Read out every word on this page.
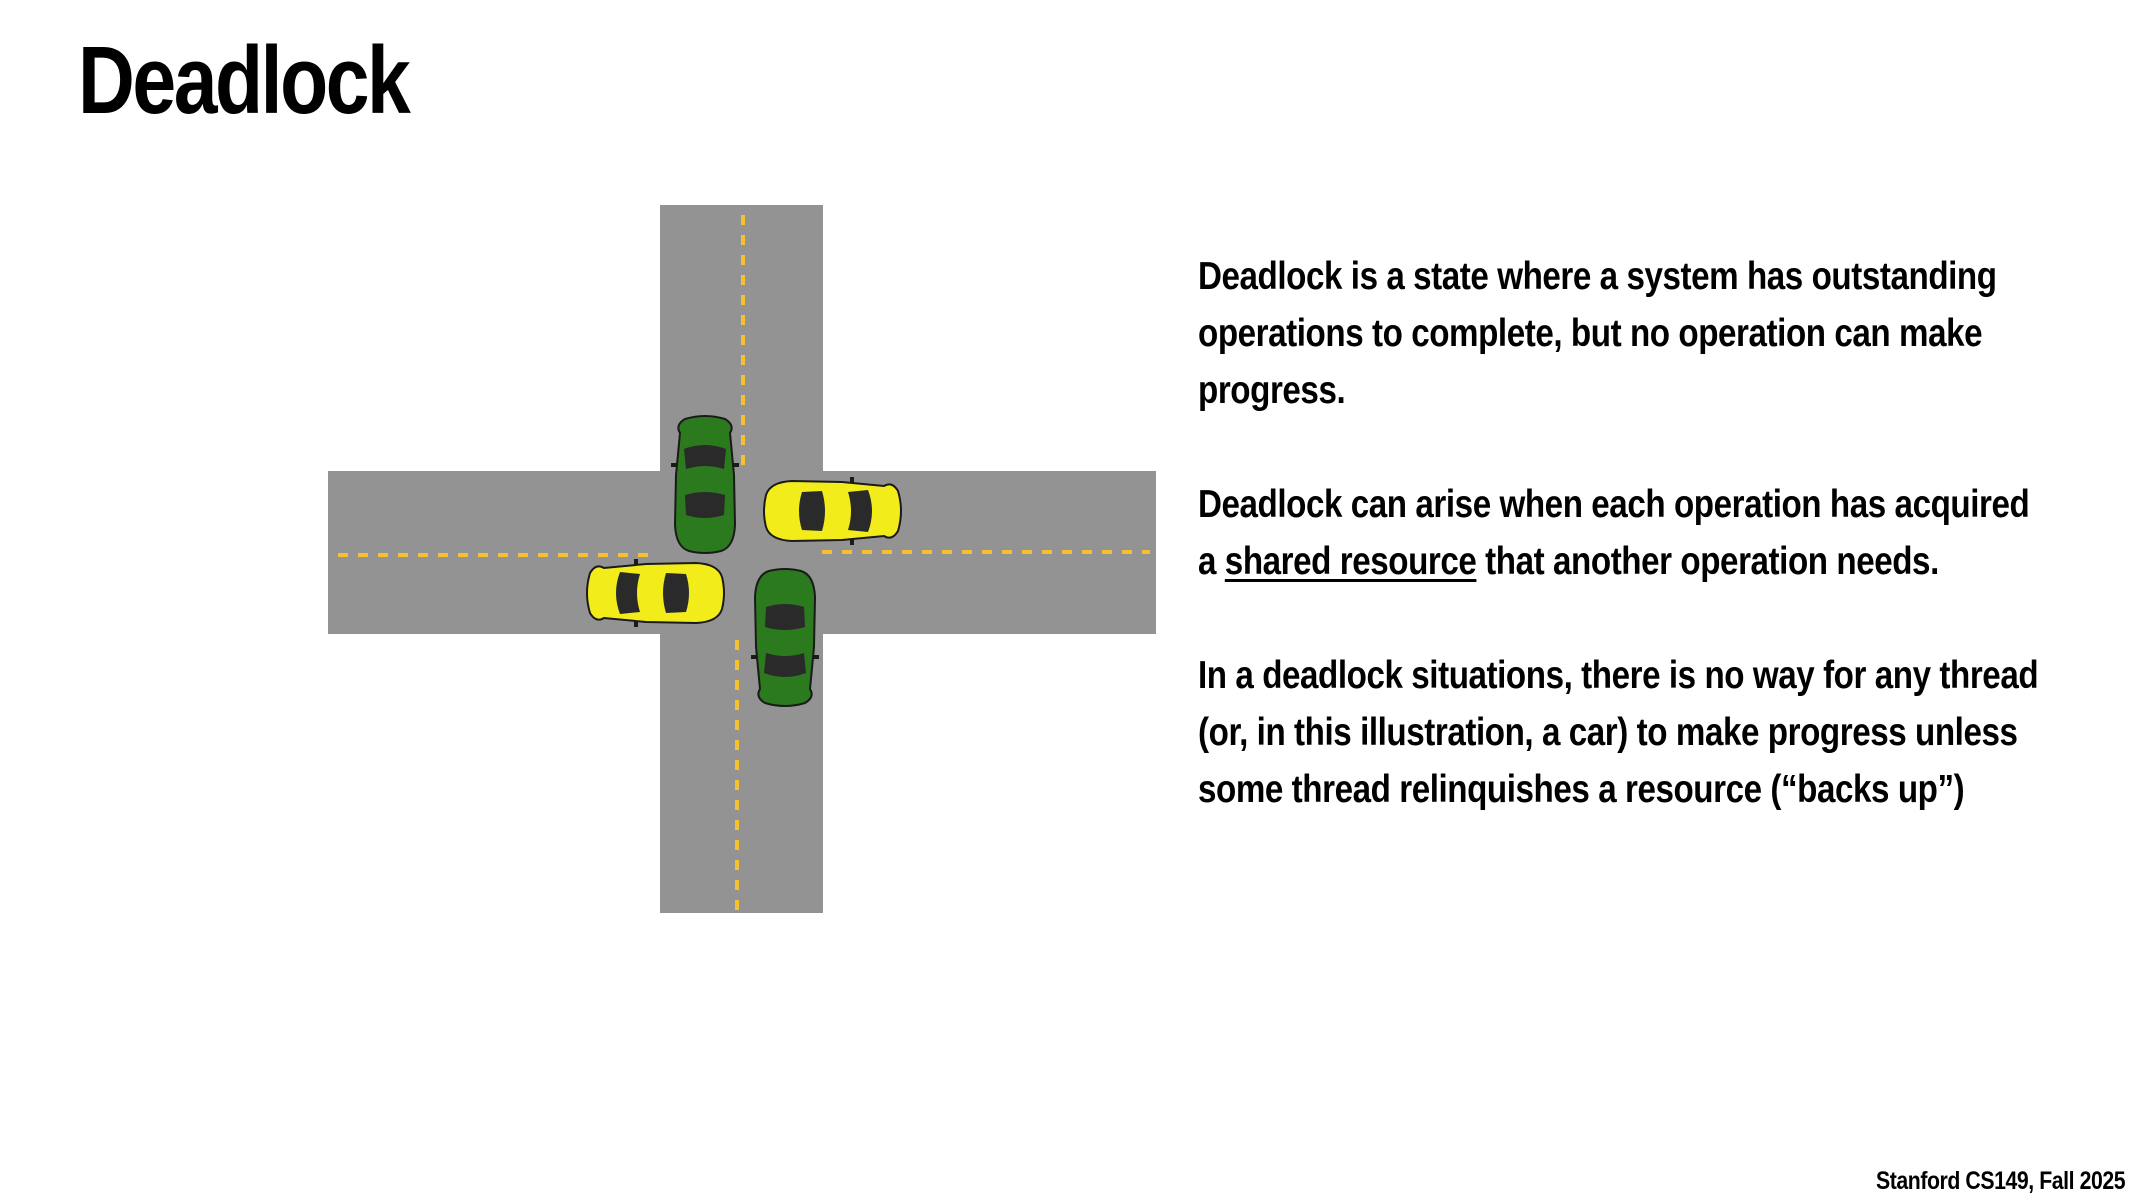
Deadlock

Deadlock is a state where a system has outstanding operations to complete, but no operation can make progress.

Deadlock can arise when each operation has acquired a shared resource that another operation needs.

In a deadlock situations, there is no way for any thread (or, in this illustration, a car) to make progress unless some thread relinquishes a resource (“backs up”)

Stanford CS149, Fall 2025
